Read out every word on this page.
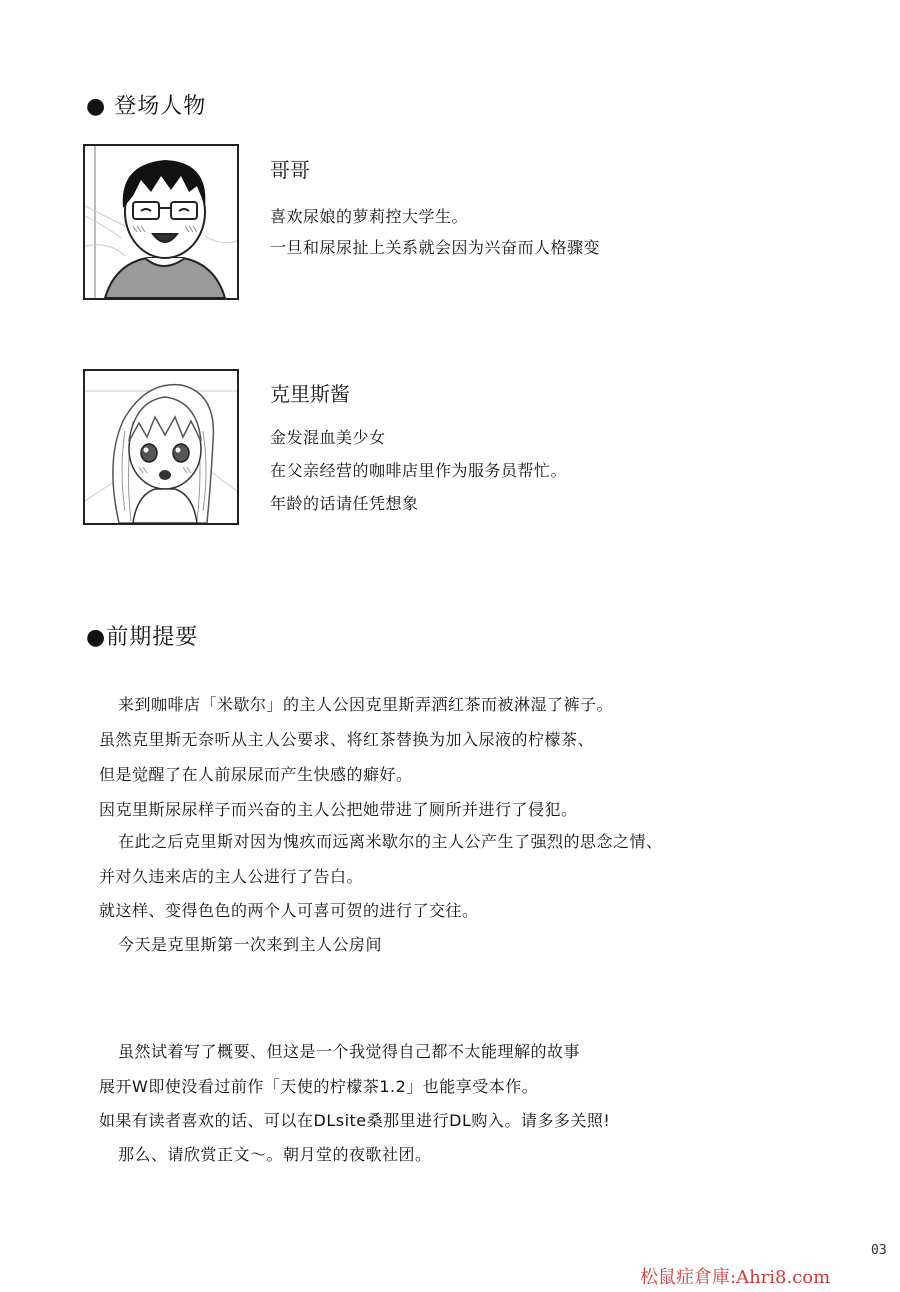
● 登场人物
哥哥
喜欢尿娘的萝莉控大学生。
一旦和尿尿扯上关系就会因为兴奋而人格骤变
克里斯酱
金发混血美少女
在父亲经营的咖啡店里作为服务员帮忙。
年龄的话请任凭想象
●前期提要
来到咖啡店「米歇尔」的主人公因克里斯弄洒红茶而被淋湿了裤子。
虽然克里斯无奈听从主人公要求、将红茶替换为加入尿液的柠檬茶、
但是觉醒了在人前尿尿而产生快感的癖好。
因克里斯尿尿样子而兴奋的主人公把她带进了厕所并进行了侵犯。
在此之后克里斯对因为愧疚而远离米歇尔的主人公产生了强烈的思念之情、
并对久违来店的主人公进行了告白。
就这样、变得色色的两个人可喜可贺的进行了交往。
今天是克里斯第一次来到主人公房间
虽然试着写了概要、但这是一个我觉得自己都不太能理解的故事
展开W即使没看过前作「天使的柠檬茶1.2」也能享受本作。
如果有读者喜欢的话、可以在DLsite桑那里进行DL购入。请多多关照!
那么、请欣赏正文～。朝月堂的夜歌社团。
03
松鼠症倉庫:Ahri8.com
